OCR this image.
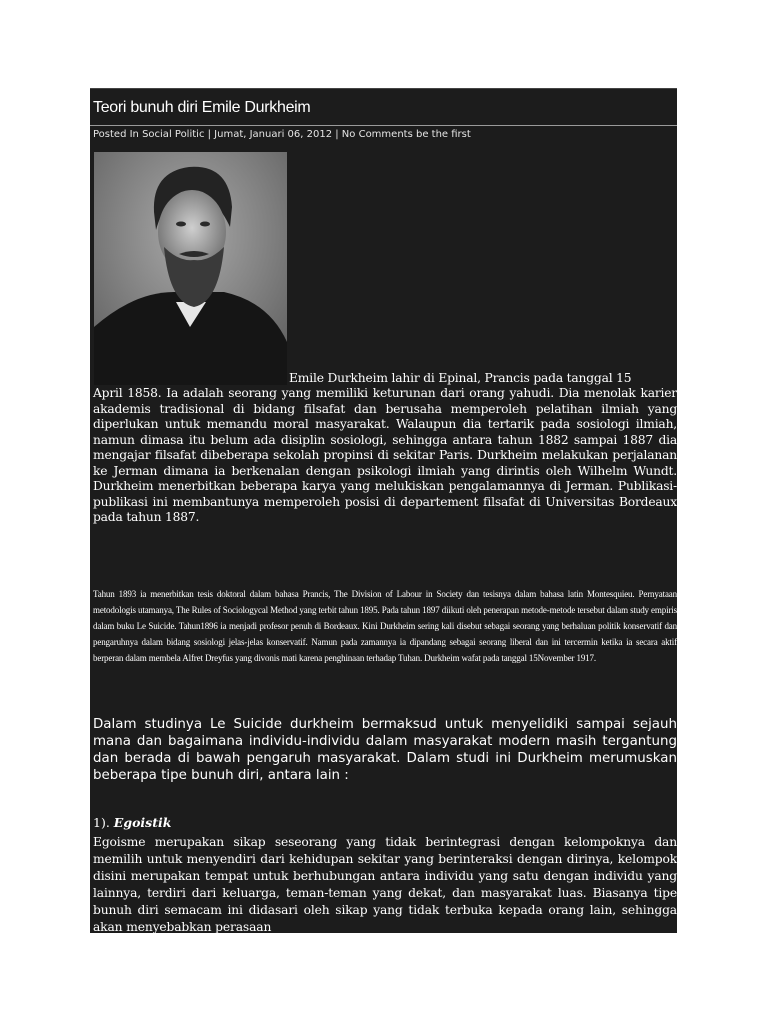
Teori bunuh diri Emile Durkheim
Posted In Social Politic | Jumat, Januari 06, 2012 | No Comments be the first
Emile Durkheim lahir di Epinal, Prancis pada tanggal 15

April 1858. Ia adalah seorang yang memiliki keturunan dari orang yahudi. Dia menolak karier akademis tradisional di bidang filsafat dan berusaha memperoleh pelatihan ilmiah yang diperlukan untuk memandu moral masyarakat. Walaupun dia tertarik pada sosiologi ilmiah, namun dimasa itu belum ada disiplin sosiologi, sehingga antara tahun 1882 sampai 1887 dia mengajar filsafat dibeberapa sekolah propinsi di sekitar Paris. Durkheim melakukan perjalanan ke Jerman dimana ia berkenalan dengan psikologi ilmiah yang dirintis oleh Wilhelm Wundt. Durkheim menerbitkan beberapa karya yang melukiskan pengalamannya di Jerman. Publikasi-publikasi ini membantunya memperoleh posisi di departement filsafat di Universitas Bordeaux pada tahun 1887.

Tahun 1893 ia menerbitkan tesis doktoral dalam bahasa Prancis, The Division of Labour in Society dan tesisnya dalam bahasa latin Montesquieu. Pernyataan metodologis utamanya, The Rules of Sociologycal Method yang terbit tahun 1895. Pada tahun 1897 diikuti oleh penerapan metode-metode tersebut dalam study empiris dalam buku Le Suicide. Tahun1896 ia menjadi profesor penuh di Bordeaux. Kini Durkheim sering kali disebut sebagai seorang yang berhaluan politik konservatif dan pengaruhnya dalam bidang sosiologi jelas-jelas konservatif. Namun pada zamannya ia dipandang sebagai seorang liberal dan ini tercermin ketika ia secara aktif berperan dalam membela Alfret Dreyfus yang divonis mati karena penghinaan terhadap Tuhan. Durkheim wafat pada tanggal 15November 1917.

Dalam studinya Le Suicide durkheim bermaksud untuk menyelidiki sampai sejauh mana dan bagaimana individu-individu dalam masyarakat modern masih tergantung dan berada di bawah pengaruh masyarakat. Dalam studi ini Durkheim merumuskan beberapa tipe bunuh diri, antara lain :

1). Egoistik

Egoisme merupakan sikap seseorang yang tidak berintegrasi dengan kelompoknya dan memilih untuk menyendiri dari kehidupan sekitar yang berinteraksi dengan dirinya, kelompok disini merupakan tempat untuk berhubungan antara individu yang satu dengan individu yang lainnya, terdiri dari keluarga, teman-teman yang dekat, dan masyarakat luas. Biasanya tipe bunuh diri semacam ini didasari oleh sikap yang tidak terbuka kepada orang lain, sehingga akan menyebabkan perasaan
